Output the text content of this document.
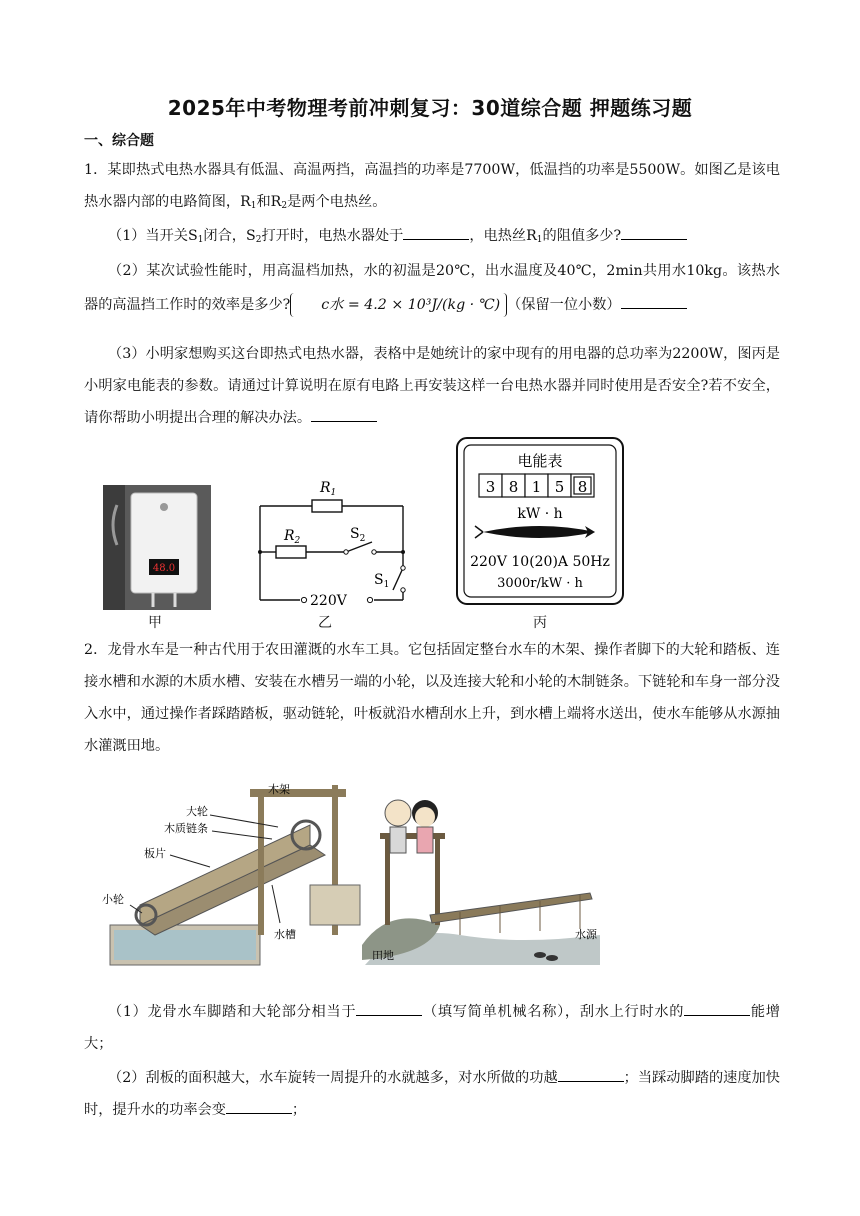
2025年中考物理考前冲刺复习：30道综合题 押题练习题
一、综合题
1．某即热式电热水器具有低温、高温两挡，高温挡的功率是7700W，低温挡的功率是5500W。如图乙是该电热水器内部的电路简图，$R_1$和$R_2$是两个电热丝。
（1）当开关$S_1$闭合，$S_2$打开时，电热水器处于	，电热丝$R_1$的阻值多少?
（2）某次试验性能时，用高温档加热，水的初温是20℃，出水温度及40℃，2min共用水10kg。该热水器的高温挡工作时的效率是多少? c水 = 4.2 × 10³J/(kg · ℃) （保留一位小数）
（3）小明家想购买这台即热式电热水器，表格中是她统计的家中现有的用电器的总功率为2200W，图丙是小明家电能表的参数。请通过计算说明在原有电路上再安装这样一台电热水器并同时使用是否安全?若不安全，请你帮助小明提出合理的解决办法。
48.0
甲
$R_1$
$R_2$	$S_2$
$S_1$
220V
乙
电能表
3 8 1 5 8
kW · h
220V 10(20)A 50Hz
3000r/kW · h
丙
2．龙骨水车是一种古代用于农田灌溉的水车工具。它包括固定整台水车的木架、操作者脚下的大轮和踏板、连接水槽和水源的木质水槽、安装在水槽另一端的小轮，以及连接大轮和小轮的木制链条。下链轮和车身一部分没入水中，通过操作者踩踏踏板，驱动链轮，叶板就沿水槽刮水上升，到水槽上端将水送出，使水车能够从水源抽水灌溉田地。
木架
大轮
木质链条
板片
小轮
水槽
田地
水源
（1）龙骨水车脚踏和大轮部分相当于	（填写简单机械名称），刮水上行时水的	能增大；
（2）刮板的面积越大，水车旋转一周提升的水就越多，对水所做的功越	；当踩动脚踏的速度加快时，提升水的功率会变	；
